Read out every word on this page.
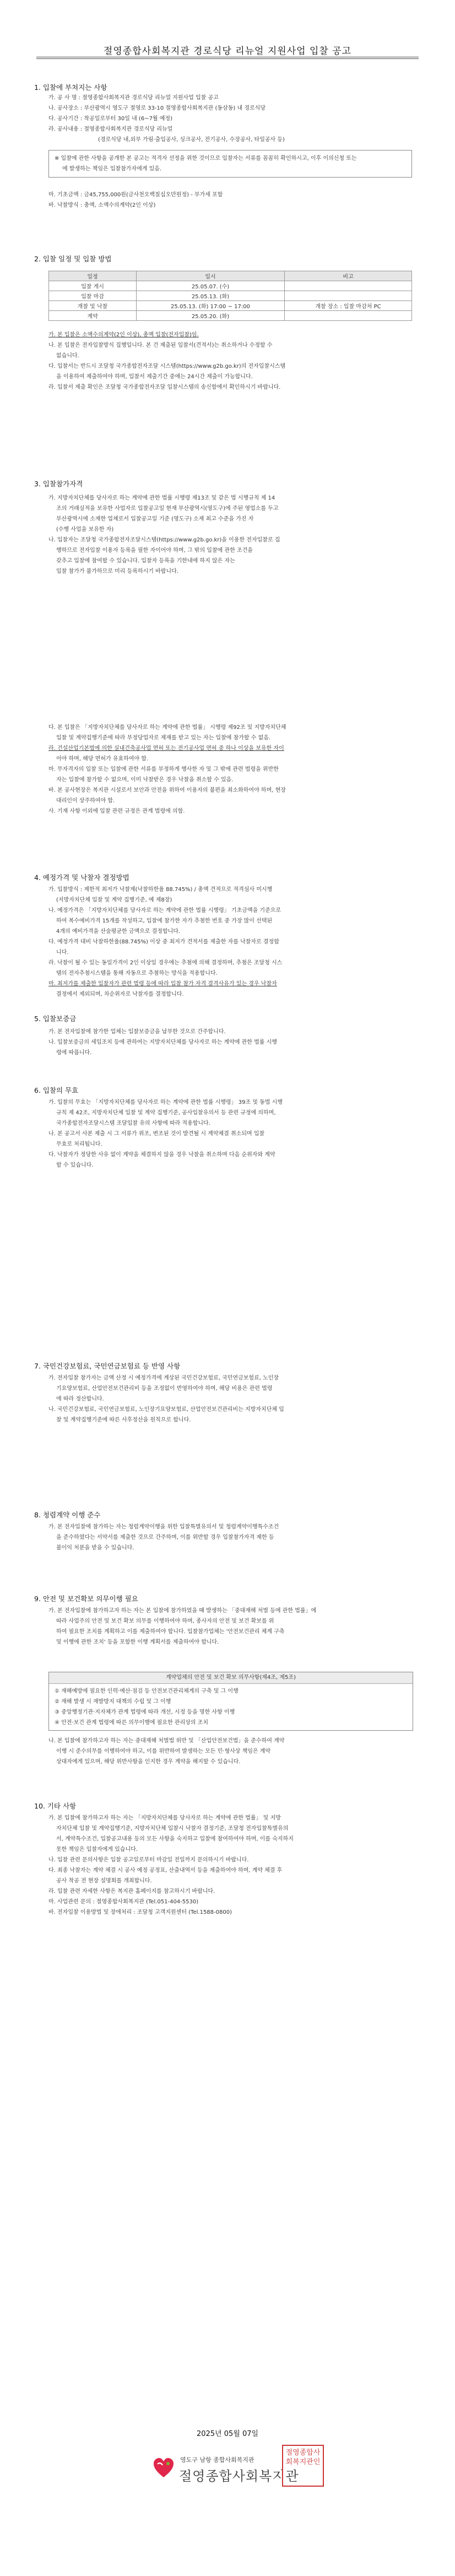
절영종합사회복지관 경로식당 리뉴얼 지원사업 입찰 공고
1. 입찰에 부쳐지는 사항
가. 공 사 명 : 절영종합사회복지관 경로식당 리뉴얼 지원사업 입찰 공고
나. 공사장소 : 부산광역시 영도구 절영로 33-10 절영종합사회복지관 (동삼동) 내 경로식당
다. 공사기간 : 착공일로부터 30일 내 (6~7월 예정)
라. 공사내용 : 절영종합사회복지관 경로식당 리뉴얼
(경로식당 내,외부 가림·출입공사, 싱크공사, 전기공사, 수장공사, 타일공사 등)
※ 입찰에 관한 사항을 공개한 본 공고는 적격자 선정을 위한 것이므로 입찰자는 서류를 꼼꼼히 확인하시고, 이후 이의신청 또는
에 발생하는 책임은 입찰참가자에게 있음.
마. 기초금액 : 금45,755,000원(금사천오백칠십오만원정) - 부가세 포함
바. 낙찰방식 : 총액, 소액수의계약(2인 이상)
2. 입찰 일정 및 입찰 방법
일정	일시	비고
입찰 게시	25.05.07. (수)	
입찰 마감	25.05.13. (화)	
개찰 및 낙찰	25.05.13. (화) 17:00 ~ 17:00	개찰 장소 : 입찰 마감처 PC
계약	25.05.20. (화)	
가. 본 입찰은 소액수의계약(2인 이상), 총액 입찰(전자입찰)임.
나. 본 입찰은 전자입찰방식 집행입니다. 본 건 제출된 입찰서(견적서)는 취소하거나 수정할 수
없습니다.
다. 입찰서는 반드시 조달청 국가종합전자조달 시스템(https://www.g2b.go.kr)의 전자입찰시스템
을 이용하여 제출하여야 하며, 입찰서 제출기간 중에는 24시간 제출이 가능합니다.
라. 입찰서 제출 확인은 조달청 국가종합전자조달 입찰시스템의 송신함에서 확인하시기 바랍니다.
3. 입찰참가자격
가. 지방자치단체를 당사자로 하는 계약에 관한 법률 시행령 제13조 및 같은 법 시행규칙 제 14
조의 거래실적을 보유한 사업자로 입찰공고일 현재 부산광역시(영도구)에 주된 영업소를 두고
부산광역시에 소재한 업체로서 입찰공고일 기준 (영도구) 소재 최고 수준을 가진 자
(수행 사업을 보유한 자)
나. 입찰자는 조달청 국가종합전자조달시스템(https://www.g2b.go.kr)을 이용한 전자입찰로 집
행하므로 전자입찰 이용자 등록을 필한 자이어야 하며, 그 밖의 입찰에 관한 조건을
갖추고 입찰에 참여할 수 있습니다. 입찰자 등록을 기한내에 하지 않은 자는
입찰 참가가 불가하므로 미리 등록하시기 바랍니다.
다. 본 입찰은 「지방자치단체를 당사자로 하는 계약에 관한 법률」 시행령 제92조 및 지방자치단체
입찰 및 계약집행기준에 따라 부정당업자로 제재를 받고 있는 자는 입찰에 참가할 수 없음.
라. 건설산업기본법에 의한 실내건축공사업 면허 또는 전기공사업 면허 중 하나 이상을 보유한 자이
어야 하며, 해당 면허가 유효하여야 함.
마. 무자격자의 입찰 또는 입찰에 관한 서류를 부정하게 행사한 자 및 그 밖에 관련 법령을 위반한
자는 입찰에 참가할 수 없으며, 이미 낙찰받은 경우 낙찰을 취소할 수 있음.
바. 본 공사현장은 복지관 시설로서 보안과 안전을 위하여 이용자의 불편을 최소화하여야 하며, 현장
대리인이 상주하여야 함.
사. 기재 사항 이외에 입찰 관련 규정은 관계 법령에 의함.
4. 예정가격 및 낙찰자 결정방법
가. 입찰방식 : 제한적 최저가 낙찰제(낙찰하한율 88.745%) / 총액 견적으로 적격심사 미시행
(지방자치단체 입찰 및 계약 집행기준, 예 제8장)
나. 예정가격은 「지방자치단체를 당사자로 하는 계약에 관한 법률 시행령」 기초금액을 기준으로
하여 복수예비가격 15개를 작성하고, 입찰에 참가한 자가 추첨한 번호 중 가장 많이 선택된
4개의 예비가격을 산술평균한 금액으로 결정합니다.
다. 예정가격 대비 낙찰하한율(88.745%) 이상 중 최저가 견적서를 제출한 자를 낙찰자로 결정합
니다.
라. 낙찰이 될 수 있는 동일가격이 2인 이상일 경우에는 추첨에 의해 결정하며, 추첨은 조달청 시스
템의 전자추첨시스템을 통해 자동으로 추첨하는 방식을 적용합니다.
마. 최저가를 제출한 입찰자가 관련 법령 등에 따라 입찰 참가 자격 결격사유가 있는 경우 낙찰자
결정에서 제외되며, 차순위자로 낙찰자를 결정합니다.
5. 입찰보증금
가. 본 전자입찰에 참가한 업체는 입찰보증금을 납부한 것으로 간주합니다.
나. 입찰보증금의 세입조치 등에 관하여는 지방자치단체를 당사자로 하는 계약에 관한 법률 시행
령에 따릅니다.
6. 입찰의 무효
가. 입찰의 무효는 「지방자치단체를 당사자로 하는 계약에 관한 법률 시행령」 39조 및 동법 시행
규칙 제 42조, 지방자치단체 입찰 및 계약 집행기준, 공사입찰유의서 등 관련 규정에 의하며,
국가종합전자조달시스템 조달입찰 유의 사항에 따라 적용합니다.
나. 본 공고서 사본 제출 시 그 서류가 위조, 변조된 것이 발견될 시 계약체결 취소되며 입찰
무효로 처리됩니다.
다. 낙찰자가 정당한 사유 없이 계약을 체결하지 않을 경우 낙찰을 취소하며 다음 순위자와 계약
할 수 있습니다.
7. 국민건강보험료, 국민연금보험료 등 반영 사항
가. 전자입찰 참가자는 금액 산정 시 예정가격에 계상된 국민건강보험료, 국민연금보험료, 노인장
기요양보험료, 산업안전보건관리비 등을 조정없이 반영하여야 하며, 해당 비용은 관련 법령
에 따라 정산합니다.
나. 국민건강보험료, 국민연금보험료, 노인장기요양보험료, 산업안전보건관리비는 지방자치단체 입
찰 및 계약집행기준에 따른 사후정산을 원칙으로 합니다.
8. 청렴계약 이행 준수
가. 본 전자입찰에 참가하는 자는 청렴계약이행을 위한 입찰특별유의서 및 청렴계약이행특수조건
을 준수하였다는 서약서를 제출한 것으로 간주하며, 이를 위반할 경우 입찰참가자격 제한 등
불이익 처분을 받을 수 있습니다.
9. 안전 및 보건확보 의무이행 필요
가. 본 전자입찰에 참가하고자 하는 자는 본 입찰에 참가하였을 때 발생하는 「중대재해 처벌 등에 관한 법률」에
따라 사업주의 안전 및 보건 확보 의무를 이행하여야 하며, 종사자의 안전 및 보건 확보를 위
하여 필요한 조치를 계획하고 이를 제출하여야 합니다. 입찰참가업체는 '안전보건관리 체계 구축
및 이행에 관한 조치' 등을 포함한 이행 계획서를 제출하여야 합니다.
계약업체의 안전 및 보건 확보 의무사항(제4조, 제5조)
① 재해예방에 필요한 인력·예산·점검 등 안전보건관리체계의 구축 및 그 이행
② 재해 발생 시 재발방지 대책의 수립 및 그 이행
③ 중앙행정기관·지자체가 관계 법령에 따라 개선, 시정 등을 명한 사항 이행
④ 안전·보건 관계 법령에 따른 의무이행에 필요한 관리상의 조치
나. 본 입찰에 참가하고자 하는 자는 중대재해 처벌법 위반 및 「산업안전보건법」을 준수하여 계약
이행 시 준수의무를 이행하여야 하고, 이를 위반하여 발생하는 모든 민·형사상 책임은 계약
상대자에게 있으며, 해당 위반사항을 인지한 경우 계약을 해지할 수 있습니다.
10. 기타 사항
가. 본 입찰에 참가하고자 하는 자는 「지방자치단체를 당사자로 하는 계약에 관한 법률」 및 지방
자치단체 입찰 및 계약집행기준, 지방자치단체 입찰시 낙찰자 결정기준, 조달청 전자입찰특별유의
서, 계약특수조건, 입찰공고내용 등의 모든 사항을 숙지하고 입찰에 참여하여야 하며, 이를 숙지하지
못한 책임은 입찰자에게 있습니다.
나. 입찰 관련 문의사항은 입찰 공고일로부터 마감일 전일까지 문의하시기 바랍니다.
다. 최종 낙찰자는 계약 체결 시 공사 예정 공정표, 산출내역서 등을 제출하여야 하며, 계약 체결 후
공사 착공 전 현장 설명회를 개최합니다.
라. 입찰 관련 자세한 사항은 복지관 홈페이지를 참고하시기 바랍니다.
마. 사업관련 문의 : 절영종합사회복지관 (Tel.051-404-5530)
바. 전자입찰 이용방법 및 장애처리 : 조달청 고객지원센터 (Tel.1588-0800)
2025년 05월 07일
영도구 남항 종합사회복지관
절영종합사회복지관
절영종합사회복지관인
